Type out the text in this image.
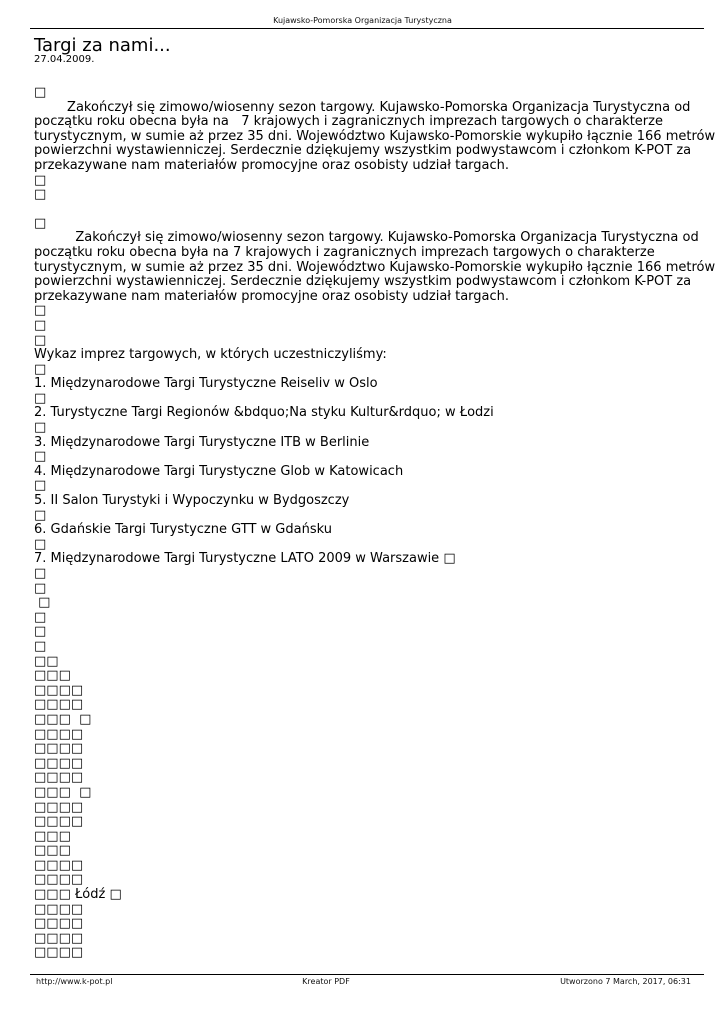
Kujawsko-Pomorska Organizacja Turystyczna
Targi za nami...
27.04.2009.
□
Zakończył się zimowo/wiosenny sezon targowy. Kujawsko-Pomorska Organizacja Turystyczna od
początku roku obecna była na   7 krajowych i zagranicznych imprezach targowych o charakterze
turystycznym, w sumie aż przez 35 dni. Województwo Kujawsko-Pomorskie wykupiło łącznie 166 metrów
powierzchni wystawienniczej. Serdecznie dziękujemy wszystkim podwystawcom i członkom K-POT za
przekazywane nam materiałów promocyjne oraz osobisty udział targach.
□
□
□
Zakończył się zimowo/wiosenny sezon targowy. Kujawsko-Pomorska Organizacja Turystyczna od
początku roku obecna była na 7 krajowych i zagranicznych imprezach targowych o charakterze
turystycznym, w sumie aż przez 35 dni. Województwo Kujawsko-Pomorskie wykupiło łącznie 166 metrów
powierzchni wystawienniczej. Serdecznie dziękujemy wszystkim podwystawcom i członkom K-POT za
przekazywane nam materiałów promocyjne oraz osobisty udział targach.
□
□
□
Wykaz imprez targowych, w których uczestniczyliśmy:
□
1. Międzynarodowe Targi Turystyczne Reiseliv w Oslo
□
2. Turystyczne Targi Regionów &bdquo;Na styku Kultur&rdquo; w Łodzi
□
3. Międzynarodowe Targi Turystyczne ITB w Berlinie
□
4. Międzynarodowe Targi Turystyczne Glob w Katowicach
□
5. II Salon Turystyki i Wypoczynku w Bydgoszczy
□
6. Gdańskie Targi Turystyczne GTT w Gdańsku
□
7. Międzynarodowe Targi Turystyczne LATO 2009 w Warszawie □
□
□
□
□
□
□
□□
□□□
□□□□
□□□□
□□□  □
□□□□
□□□□
□□□□
□□□□
□□□  □
□□□□
□□□□
□□□
□□□
□□□□
□□□□
□□□ Łódź □
□□□□
□□□□
□□□□
□□□□
http://www.k-pot.pl	Kreator PDF	Utworzono 7 March, 2017, 06:31
